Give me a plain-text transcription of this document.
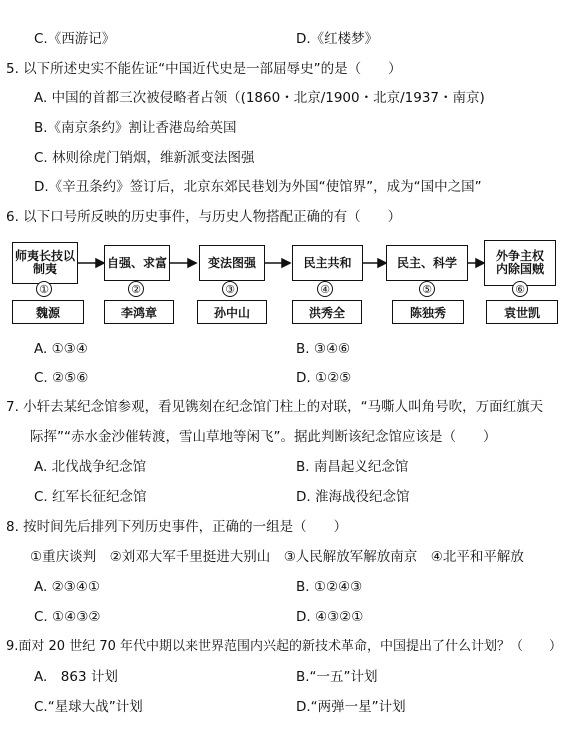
C.《西游记》	D.《红楼梦》
5. 以下所述史实不能佐证“中国近代史是一部屈辱史”的是（　　）
A. 中国的首都三次被侵略者占领（(1860・北京/1900・北京/1937・南京)
B.《南京条约》割让香港岛给英国
C. 林则徐虎门销烟，维新派变法图强
D.《辛丑条约》签订后，北京东郊民巷划为外国“使馆界”，成为“国中之国”
6. 以下口号所反映的历史事件，与历史人物搭配正确的有（　　）
师夷长技以制夷	自强、求富	变法图强	民主共和	民主、科学	外争主权内除国贼
①	②	③	④	⑤	⑥
魏源	李鸿章	孙中山	洪秀全	陈独秀	袁世凯
A. ①③④	B. ③④⑥
C. ②⑤⑥	D. ①②⑤
7. 小轩去某纪念馆参观，看见镌刻在纪念馆门柱上的对联，“马嘶人叫角号吹，万面红旗天
际挥”“赤水金沙催转渡，雪山草地等闲飞”。据此判断该纪念馆应该是（　　）
A. 北伐战争纪念馆	B. 南昌起义纪念馆
C. 红军长征纪念馆	D. 淮海战役纪念馆
8. 按时间先后排列下列历史事件，正确的一组是（　　）
①重庆谈判　②刘邓大军千里挺进大别山　③人民解放军解放南京　④北平和平解放
A. ②③④①	B. ①②④③
C. ①④③②	D. ④③②①
9.面对 20 世纪 70 年代中期以来世界范围内兴起的新技术革命，中国提出了什么计划？（　　）
A.　863 计划	B.“一五”计划
C.“星球大战”计划	D.“两弹一星”计划
